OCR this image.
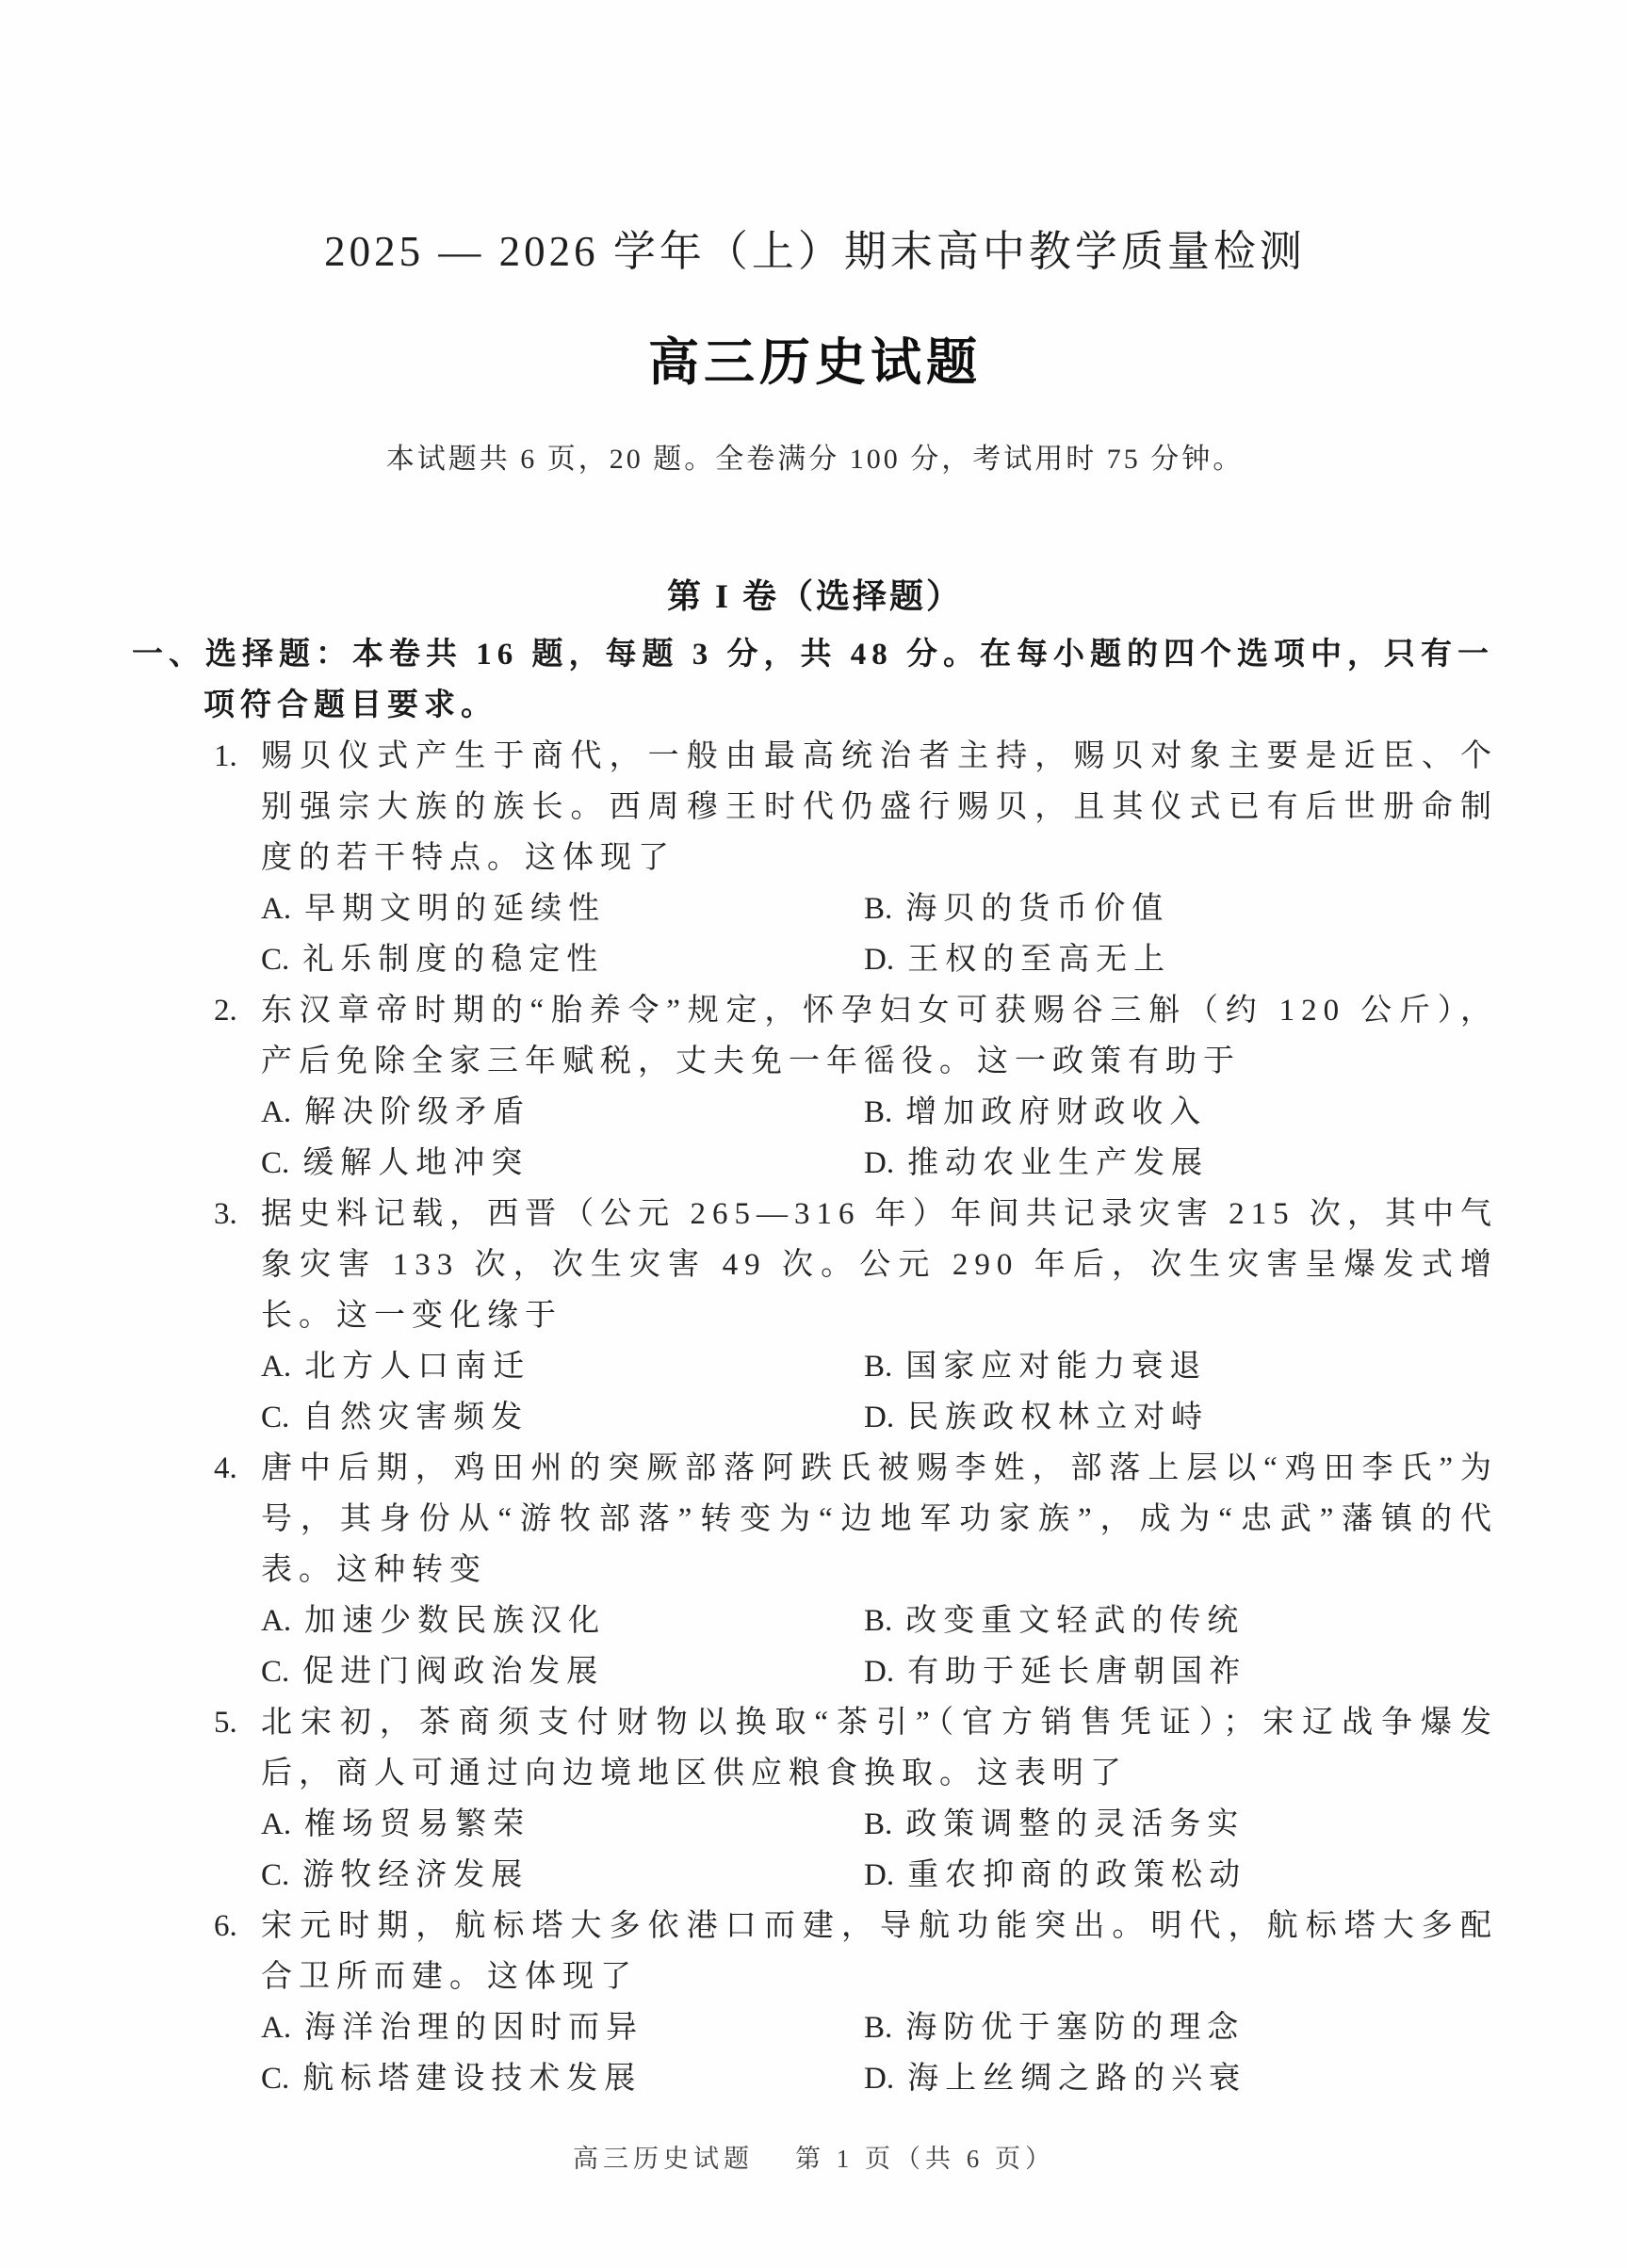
2025 — 2026 学年（上）期末高中教学质量检测
高三历史试题
本试题共 6 页，20 题。全卷满分 100 分，考试用时 75 分钟。
第 I 卷（选择题）
一、选择题：本卷共 16 题，每题 3 分，共 48 分。在每小题的四个选项中，只有一项符合题目要求。
1. 赐贝仪式产生于商代，一般由最高统治者主持，赐贝对象主要是近臣、个别强宗大族的族长。西周穆王时代仍盛行赐贝，且其仪式已有后世册命制度的若干特点。这体现了
A. 早期文明的延续性	B. 海贝的货币价值
C. 礼乐制度的稳定性	D. 王权的至高无上
2. 东汉章帝时期的“胎养令”规定，怀孕妇女可获赐谷三斛（约 120 公斤），产后免除全家三年赋税，丈夫免一年徭役。这一政策有助于
A. 解决阶级矛盾	B. 增加政府财政收入
C. 缓解人地冲突	D. 推动农业生产发展
3. 据史料记载，西晋（公元 265—316 年）年间共记录灾害 215 次，其中气象灾害 133 次，次生灾害 49 次。公元 290 年后，次生灾害呈爆发式增长。这一变化缘于
A. 北方人口南迁	B. 国家应对能力衰退
C. 自然灾害频发	D. 民族政权林立对峙
4. 唐中后期，鸡田州的突厥部落阿跌氏被赐李姓，部落上层以“鸡田李氏”为号，其身份从“游牧部落”转变为“边地军功家族”，成为“忠武”藩镇的代表。这种转变
A. 加速少数民族汉化	B. 改变重文轻武的传统
C. 促进门阀政治发展	D. 有助于延长唐朝国祚
5. 北宋初，茶商须支付财物以换取“茶引”（官方销售凭证）；宋辽战争爆发后，商人可通过向边境地区供应粮食换取。这表明了
A. 榷场贸易繁荣	B. 政策调整的灵活务实
C. 游牧经济发展	D. 重农抑商的政策松动
6. 宋元时期，航标塔大多依港口而建，导航功能突出。明代，航标塔大多配合卫所而建。这体现了
A. 海洋治理的因时而异	B. 海防优于塞防的理念
C. 航标塔建设技术发展	D. 海上丝绸之路的兴衰
高三历史试题 第 1 页（共 6 页）
